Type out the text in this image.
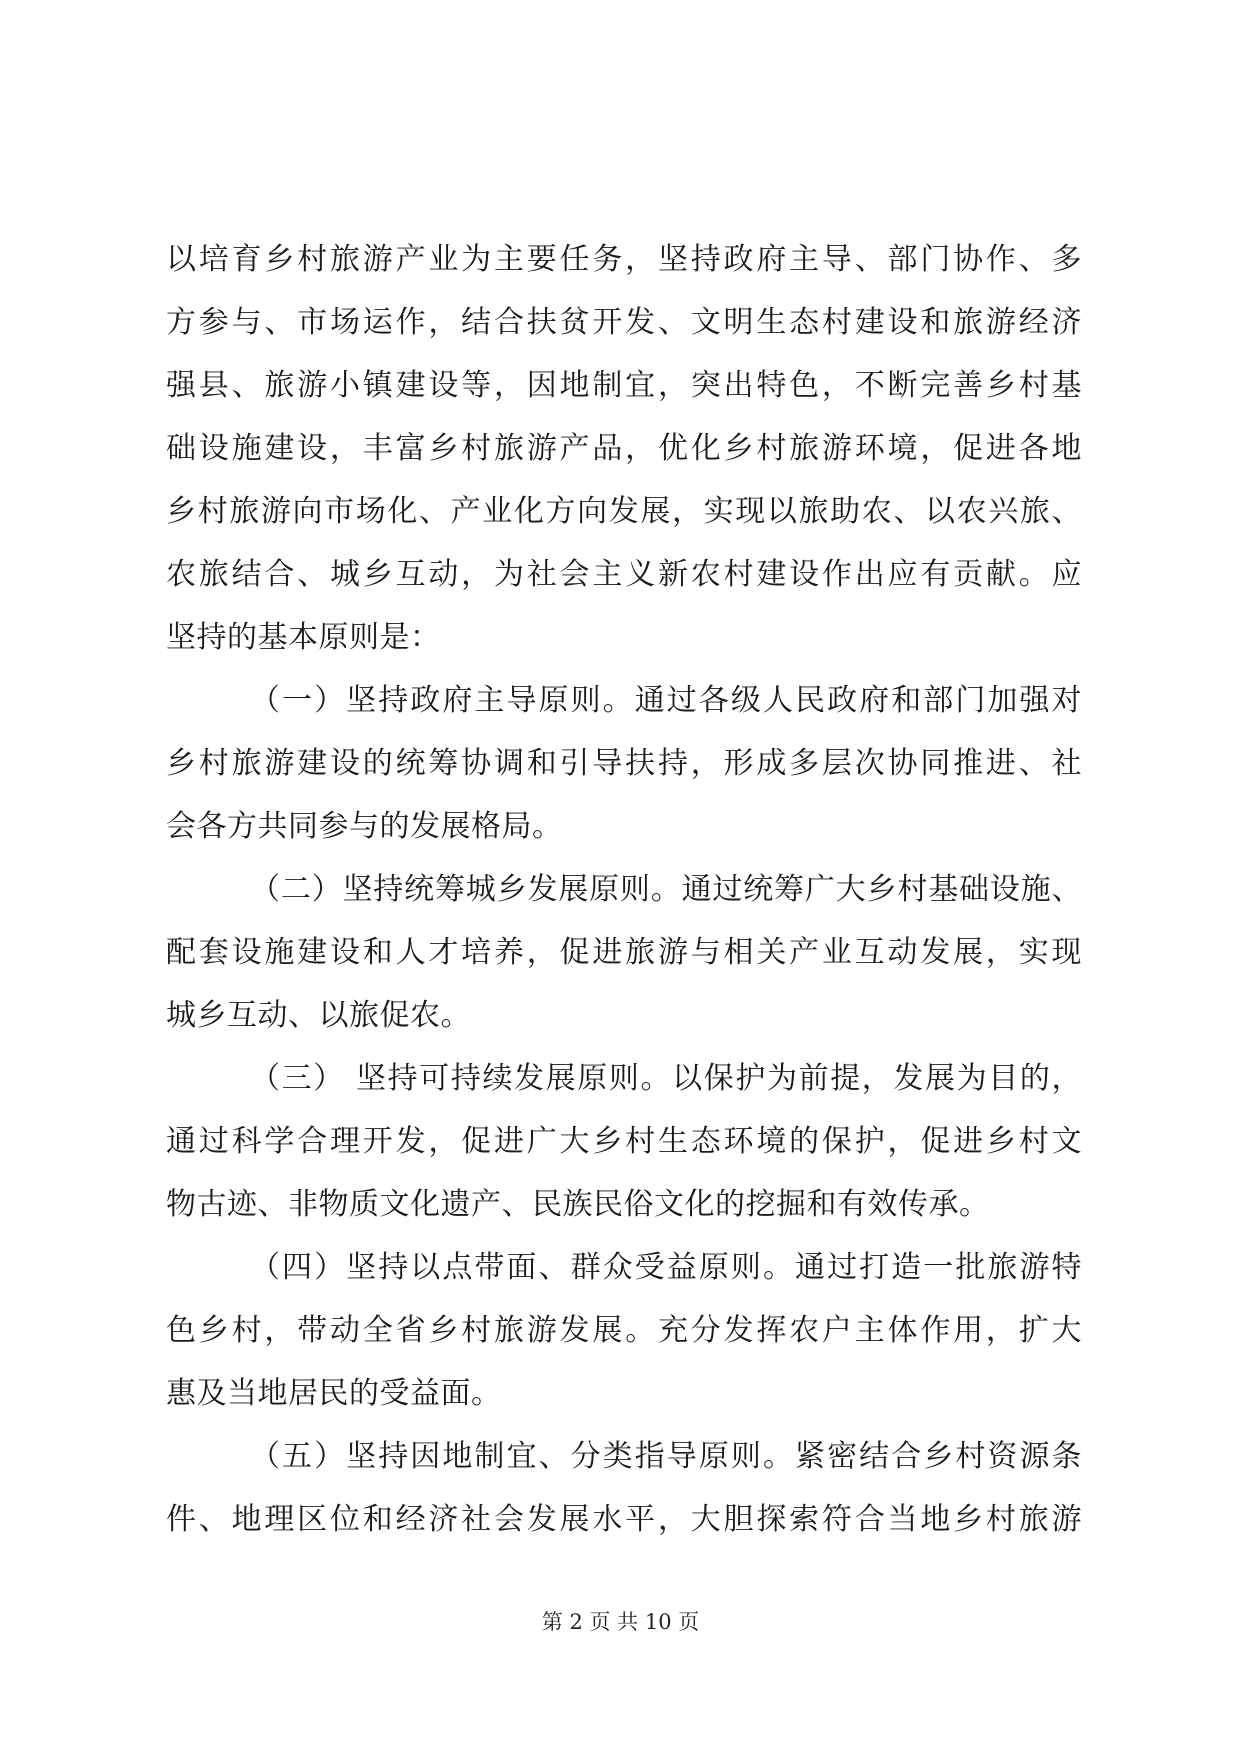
以培育乡村旅游产业为主要任务，坚持政府主导、部门协作、多
方参与、市场运作，结合扶贫开发、文明生态村建设和旅游经济
强县、旅游小镇建设等，因地制宜，突出特色，不断完善乡村基
础设施建设，丰富乡村旅游产品，优化乡村旅游环境，促进各地
乡村旅游向市场化、产业化方向发展，实现以旅助农、以农兴旅、
农旅结合、城乡互动，为社会主义新农村建设作出应有贡献。应
坚持的基本原则是：
（一）坚持政府主导原则。通过各级人民政府和部门加强对
乡村旅游建设的统筹协调和引导扶持，形成多层次协同推进、社
会各方共同参与的发展格局。
（二）坚持统筹城乡发展原则。通过统筹广大乡村基础设施、
配套设施建设和人才培养，促进旅游与相关产业互动发展，实现
城乡互动、以旅促农。
（三） 坚持可持续发展原则。以保护为前提，发展为目的，
通过科学合理开发，促进广大乡村生态环境的保护，促进乡村文
物古迹、非物质文化遗产、民族民俗文化的挖掘和有效传承。
（四）坚持以点带面、群众受益原则。通过打造一批旅游特
色乡村，带动全省乡村旅游发展。充分发挥农户主体作用，扩大
惠及当地居民的受益面。
（五）坚持因地制宜、分类指导原则。紧密结合乡村资源条
件、地理区位和经济社会发展水平，大胆探索符合当地乡村旅游
第 2 页 共 10 页
